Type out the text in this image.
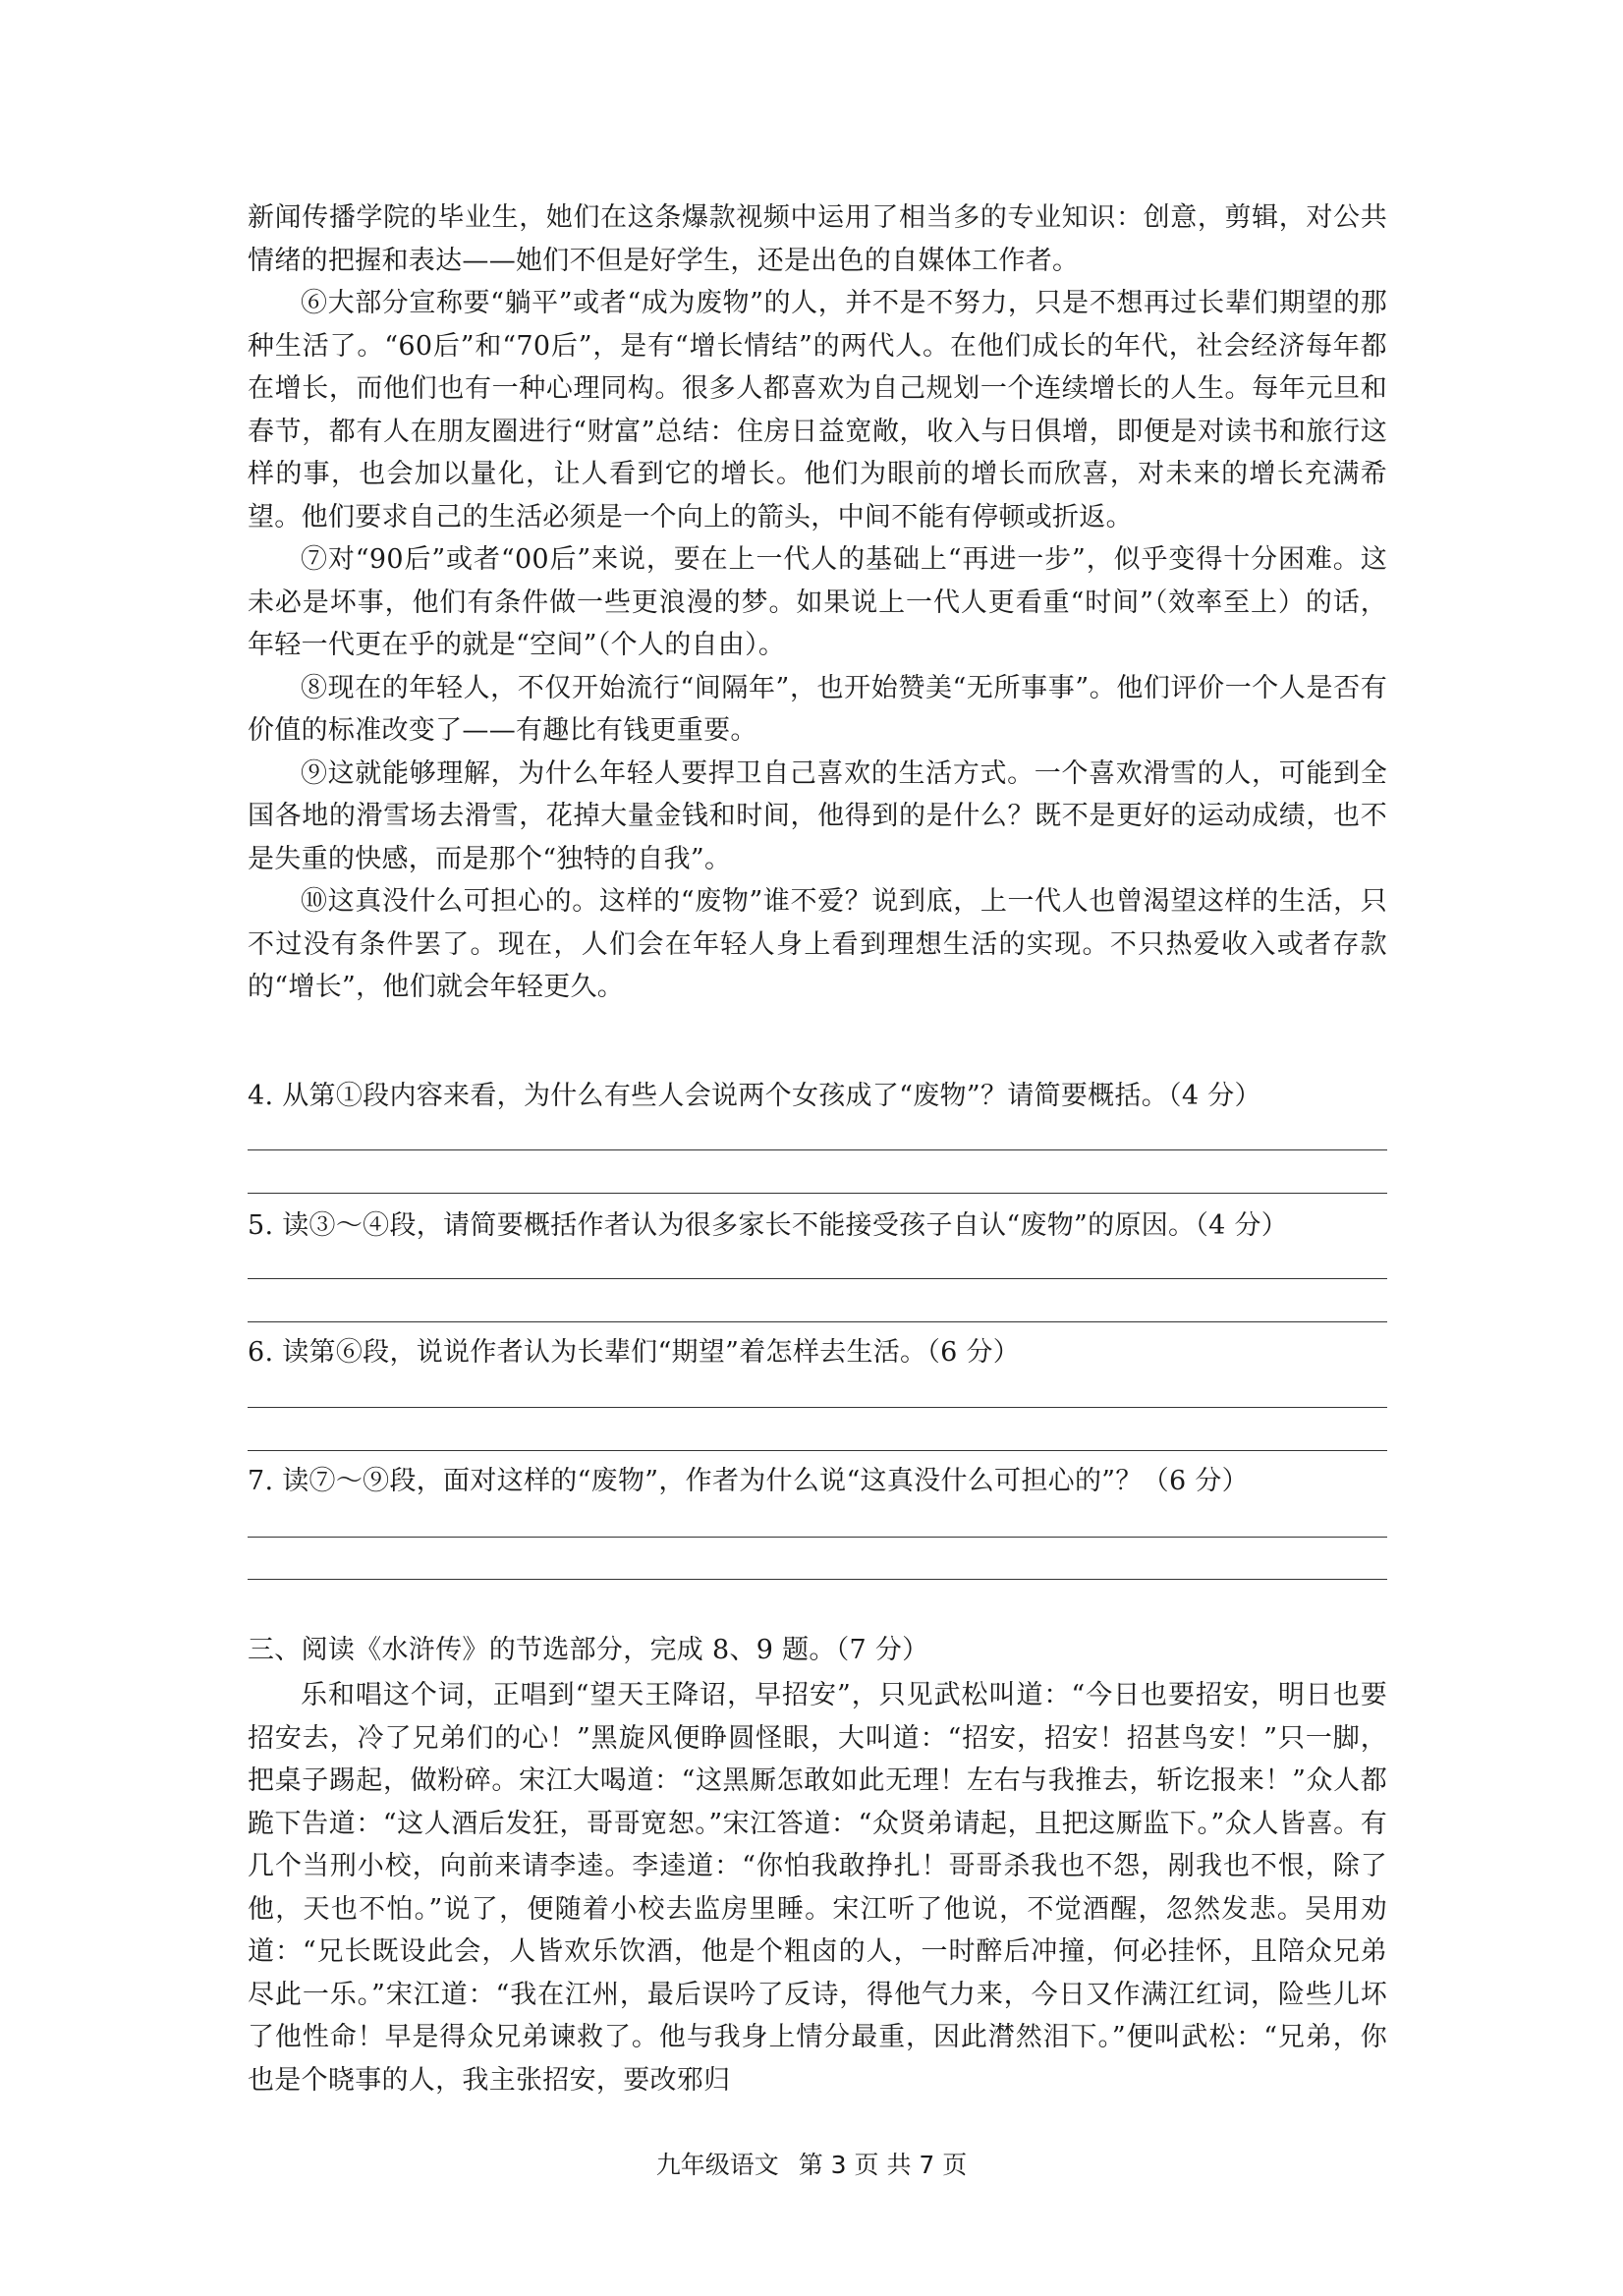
新闻传播学院的毕业生，她们在这条爆款视频中运用了相当多的专业知识：创意，剪辑，对公共情绪的把握和表达——她们不但是好学生，还是出色的自媒体工作者。

⑥大部分宣称要“躺平”或者“成为废物”的人，并不是不努力，只是不想再过长辈们期望的那种生活了。“60后”和“70后”，是有“增长情结”的两代人。在他们成长的年代，社会经济每年都在增长，而他们也有一种心理同构。很多人都喜欢为自己规划一个连续增长的人生。每年元旦和春节，都有人在朋友圈进行“财富”总结：住房日益宽敞，收入与日俱增，即便是对读书和旅行这样的事，也会加以量化，让人看到它的增长。他们为眼前的增长而欣喜，对未来的增长充满希望。他们要求自己的生活必须是一个向上的箭头，中间不能有停顿或折返。

⑦对“90后”或者“00后”来说，要在上一代人的基础上“再进一步”，似乎变得十分困难。这未必是坏事，他们有条件做一些更浪漫的梦。如果说上一代人更看重“时间”（效率至上）的话，年轻一代更在乎的就是“空间”（个人的自由）。

⑧现在的年轻人，不仅开始流行“间隔年”，也开始赞美“无所事事”。他们评价一个人是否有价值的标准改变了——有趣比有钱更重要。

⑨这就能够理解，为什么年轻人要捍卫自己喜欢的生活方式。一个喜欢滑雪的人，可能到全国各地的滑雪场去滑雪，花掉大量金钱和时间，他得到的是什么？既不是更好的运动成绩，也不是失重的快感，而是那个“独特的自我”。

⑩这真没什么可担心的。这样的“废物”谁不爱？说到底，上一代人也曾渴望这样的生活，只不过没有条件罢了。现在，人们会在年轻人身上看到理想生活的实现。不只热爱收入或者存款的“增长”，他们就会年轻更久。

4. 从第①段内容来看，为什么有些人会说两个女孩成了“废物”？请简要概括。（4 分）

5. 读③～④段，请简要概括作者认为很多家长不能接受孩子自认“废物”的原因。（4 分）

6. 读第⑥段，说说作者认为长辈们“期望”着怎样去生活。（6 分）

7. 读⑦～⑨段，面对这样的“废物”，作者为什么说“这真没什么可担心的”？（6 分）

三、阅读《水浒传》的节选部分，完成 8、9 题。（7 分）

乐和唱这个词，正唱到“望天王降诏，早招安”，只见武松叫道：“今日也要招安，明日也要招安去，冷了兄弟们的心！”黑旋风便睁圆怪眼，大叫道：“招安，招安！招甚鸟安！”只一脚，把桌子踢起，做粉碎。宋江大喝道：“这黑厮怎敢如此无理！左右与我推去，斩讫报来！”众人都跪下告道：“这人酒后发狂，哥哥宽恕。”宋江答道：“众贤弟请起，且把这厮监下。”众人皆喜。有几个当刑小校，向前来请李逵。李逵道：“你怕我敢挣扎！哥哥杀我也不怨，剐我也不恨，除了他，天也不怕。”说了，便随着小校去监房里睡。宋江听了他说，不觉酒醒，忽然发悲。吴用劝道：“兄长既设此会，人皆欢乐饮酒，他是个粗卤的人，一时醉后冲撞，何必挂怀，且陪众兄弟尽此一乐。”宋江道：“我在江州，最后误吟了反诗，得他气力来，今日又作满江红词，险些儿坏了他性命！早是得众兄弟谏救了。他与我身上情分最重，因此潸然泪下。”便叫武松：“兄弟，你也是个晓事的人，我主张招安，要改邪归

九年级语文 第 3 页 共 7 页
